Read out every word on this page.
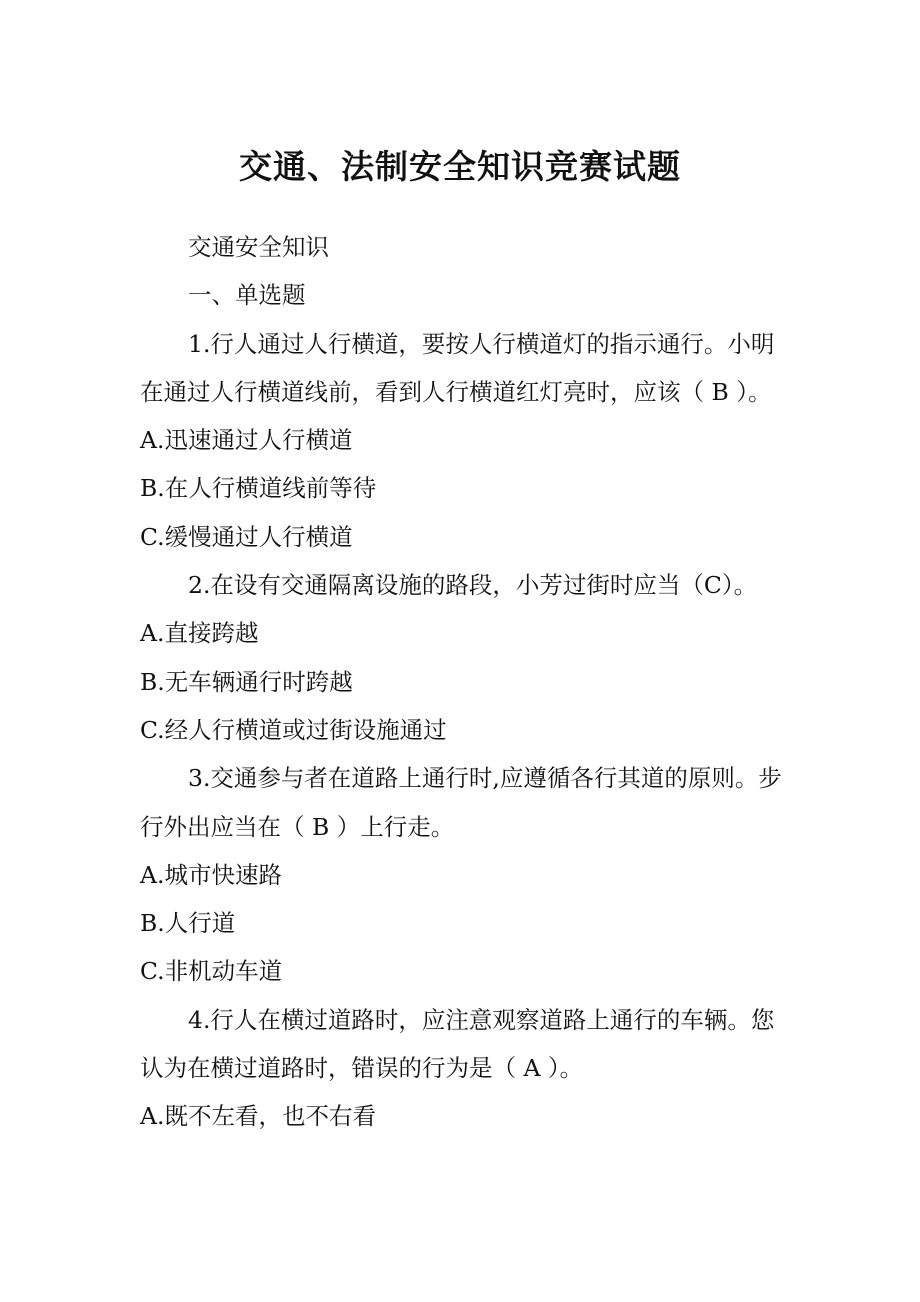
交通、法制安全知识竞赛试题

交通安全知识

一、单选题

1.行人通过人行横道，要按人行横道灯的指示通行。小明在通过人行横道线前，看到人行横道红灯亮时，应该（ B ）。

A.迅速通过人行横道

B.在人行横道线前等待

C.缓慢通过人行横道

2.在设有交通隔离设施的路段，小芳过街时应当（C）。

A.直接跨越

B.无车辆通行时跨越

C.经人行横道或过街设施通过

3.交通参与者在道路上通行时,应遵循各行其道的原则。步行外出应当在（ B ）上行走。

A.城市快速路

B.人行道

C.非机动车道

4.行人在横过道路时，应注意观察道路上通行的车辆。您认为在横过道路时，错误的行为是（ A ）。

A.既不左看，也不右看
